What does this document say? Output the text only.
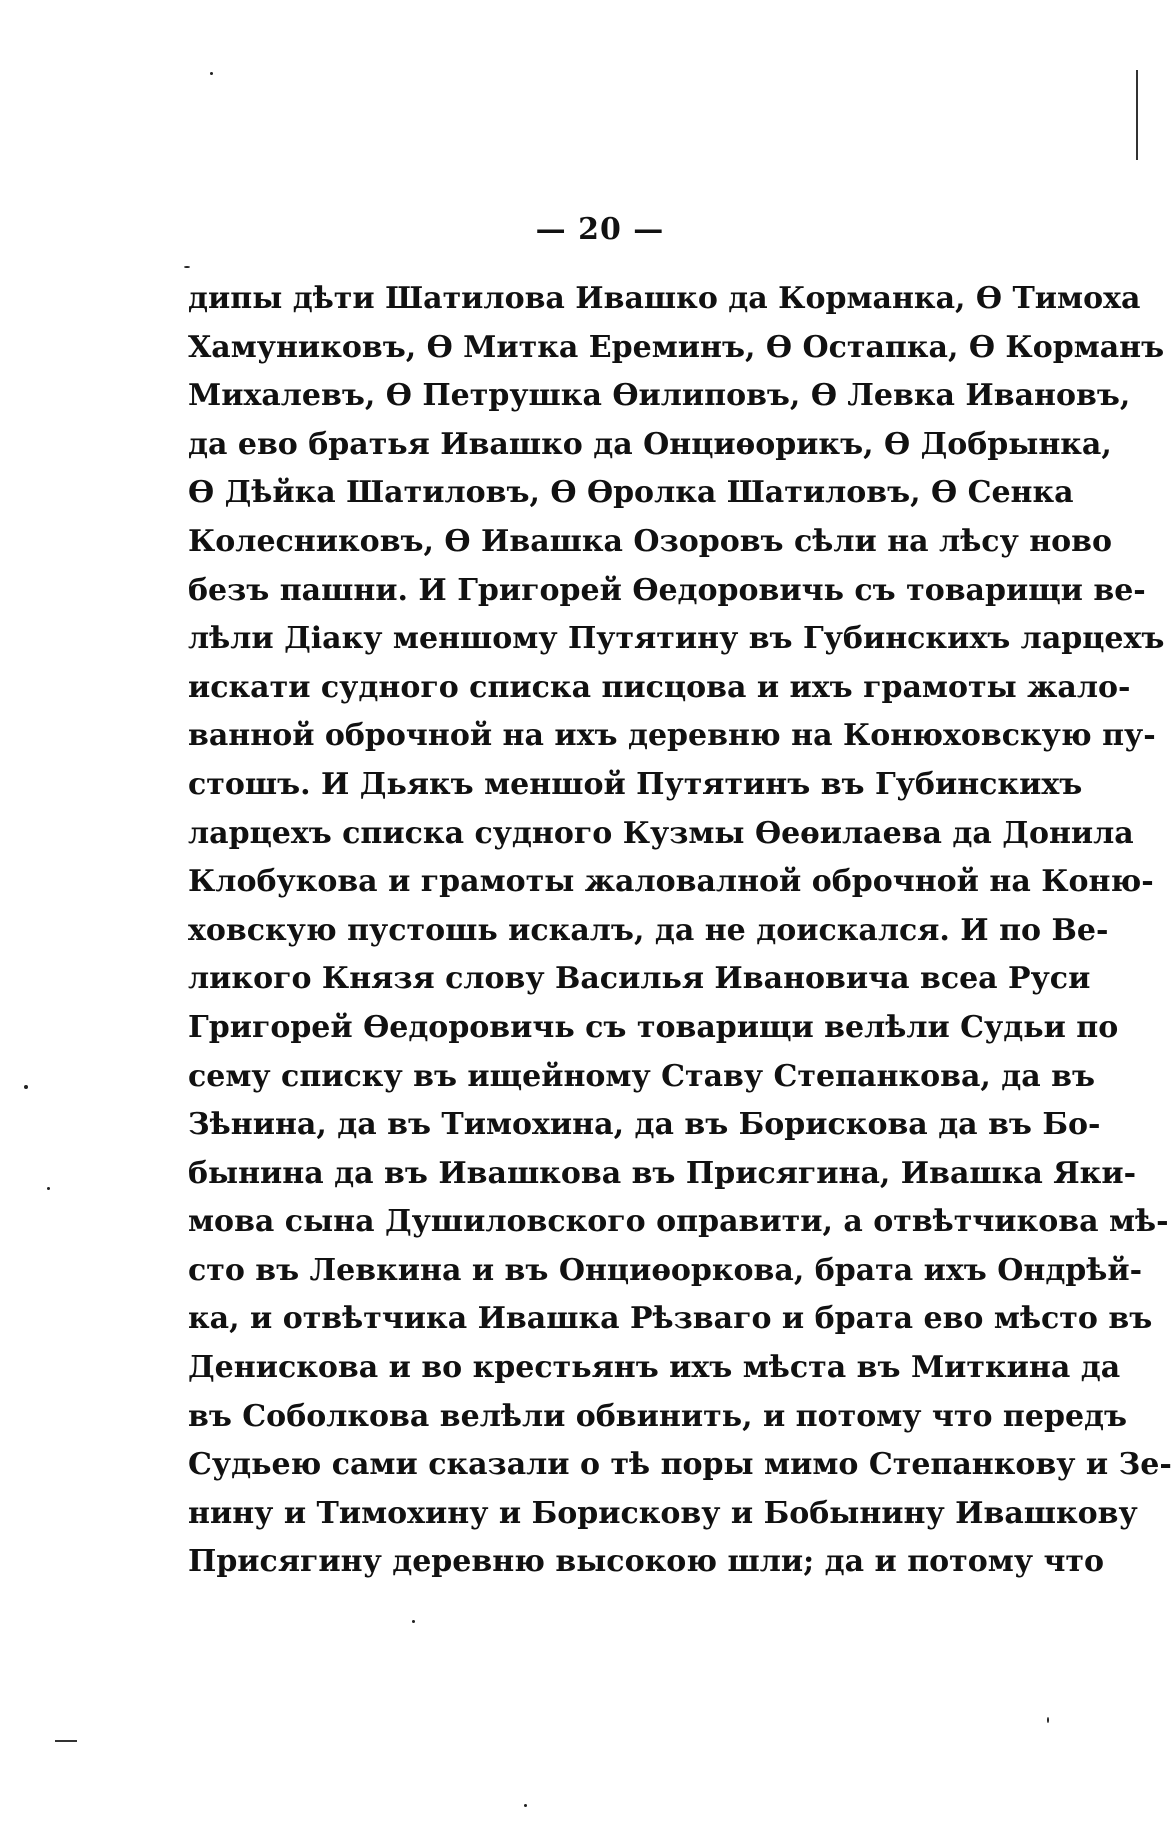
— 20 —
дипы дѣти Шатилова Ивашко да Корманка, Ѳ Тимоха
Хамуниковъ, Ѳ Митка Ереминъ, Ѳ Остапка, Ѳ Корманъ
Михалевъ, Ѳ Петрушка Ѳилиповъ, Ѳ Левка Ивановъ,
да ево братья Ивашко да Онциѳорикъ, Ѳ Добрынка,
Ѳ Дѣйка Шатиловъ, Ѳ Ѳролка Шатиловъ, Ѳ Сенка
Колесниковъ, Ѳ Ивашка Озоровъ сѣли на лѣсу ново
безъ пашни. И Григорей Ѳедоровичь съ товарищи ве-
лѣли Діаку меншому Путятину въ Губинскихъ ларцехъ
искати судного списка писцова и ихъ грамоты жало-
ванной оброчной на ихъ деревню на Конюховскую пу-
стошъ. И Дьякъ меншой Путятинъ въ Губинскихъ
ларцехъ списка судного Кузмы Ѳеѳилаева да Донила
Клобукова и грамоты жаловалной оброчной на Коню-
ховскую пустошь искалъ, да не доискался. И по Ве-
ликого Князя слову Василья Ивановича всеа Руси
Григорей Ѳедоровичь съ товарищи велѣли Судьи по
сему списку въ ищейному Ставу Степанкова, да въ
Зѣнина, да въ Тимохина, да въ Борискова да въ Бо-
бынина да въ Ивашкова въ Присягина, Ивашка Яки-
мова сына Душиловского оправити, а отвѣтчикова мѣ-
сто въ Левкина и въ Онциѳоркова, брата ихъ Ондрѣй-
ка, и отвѣтчика Ивашка Рѣзваго и брата ево мѣсто въ
Денискова и во крестьянъ ихъ мѣста въ Миткина да
въ Соболкова велѣли обвинить, и потому что передъ
Судьею сами сказали о тѣ поры мимо Степанкову и Зе-
нину и Тимохину и Борискову и Бобынину Ивашкову
Присягину деревню высокою шли; да и потому что
